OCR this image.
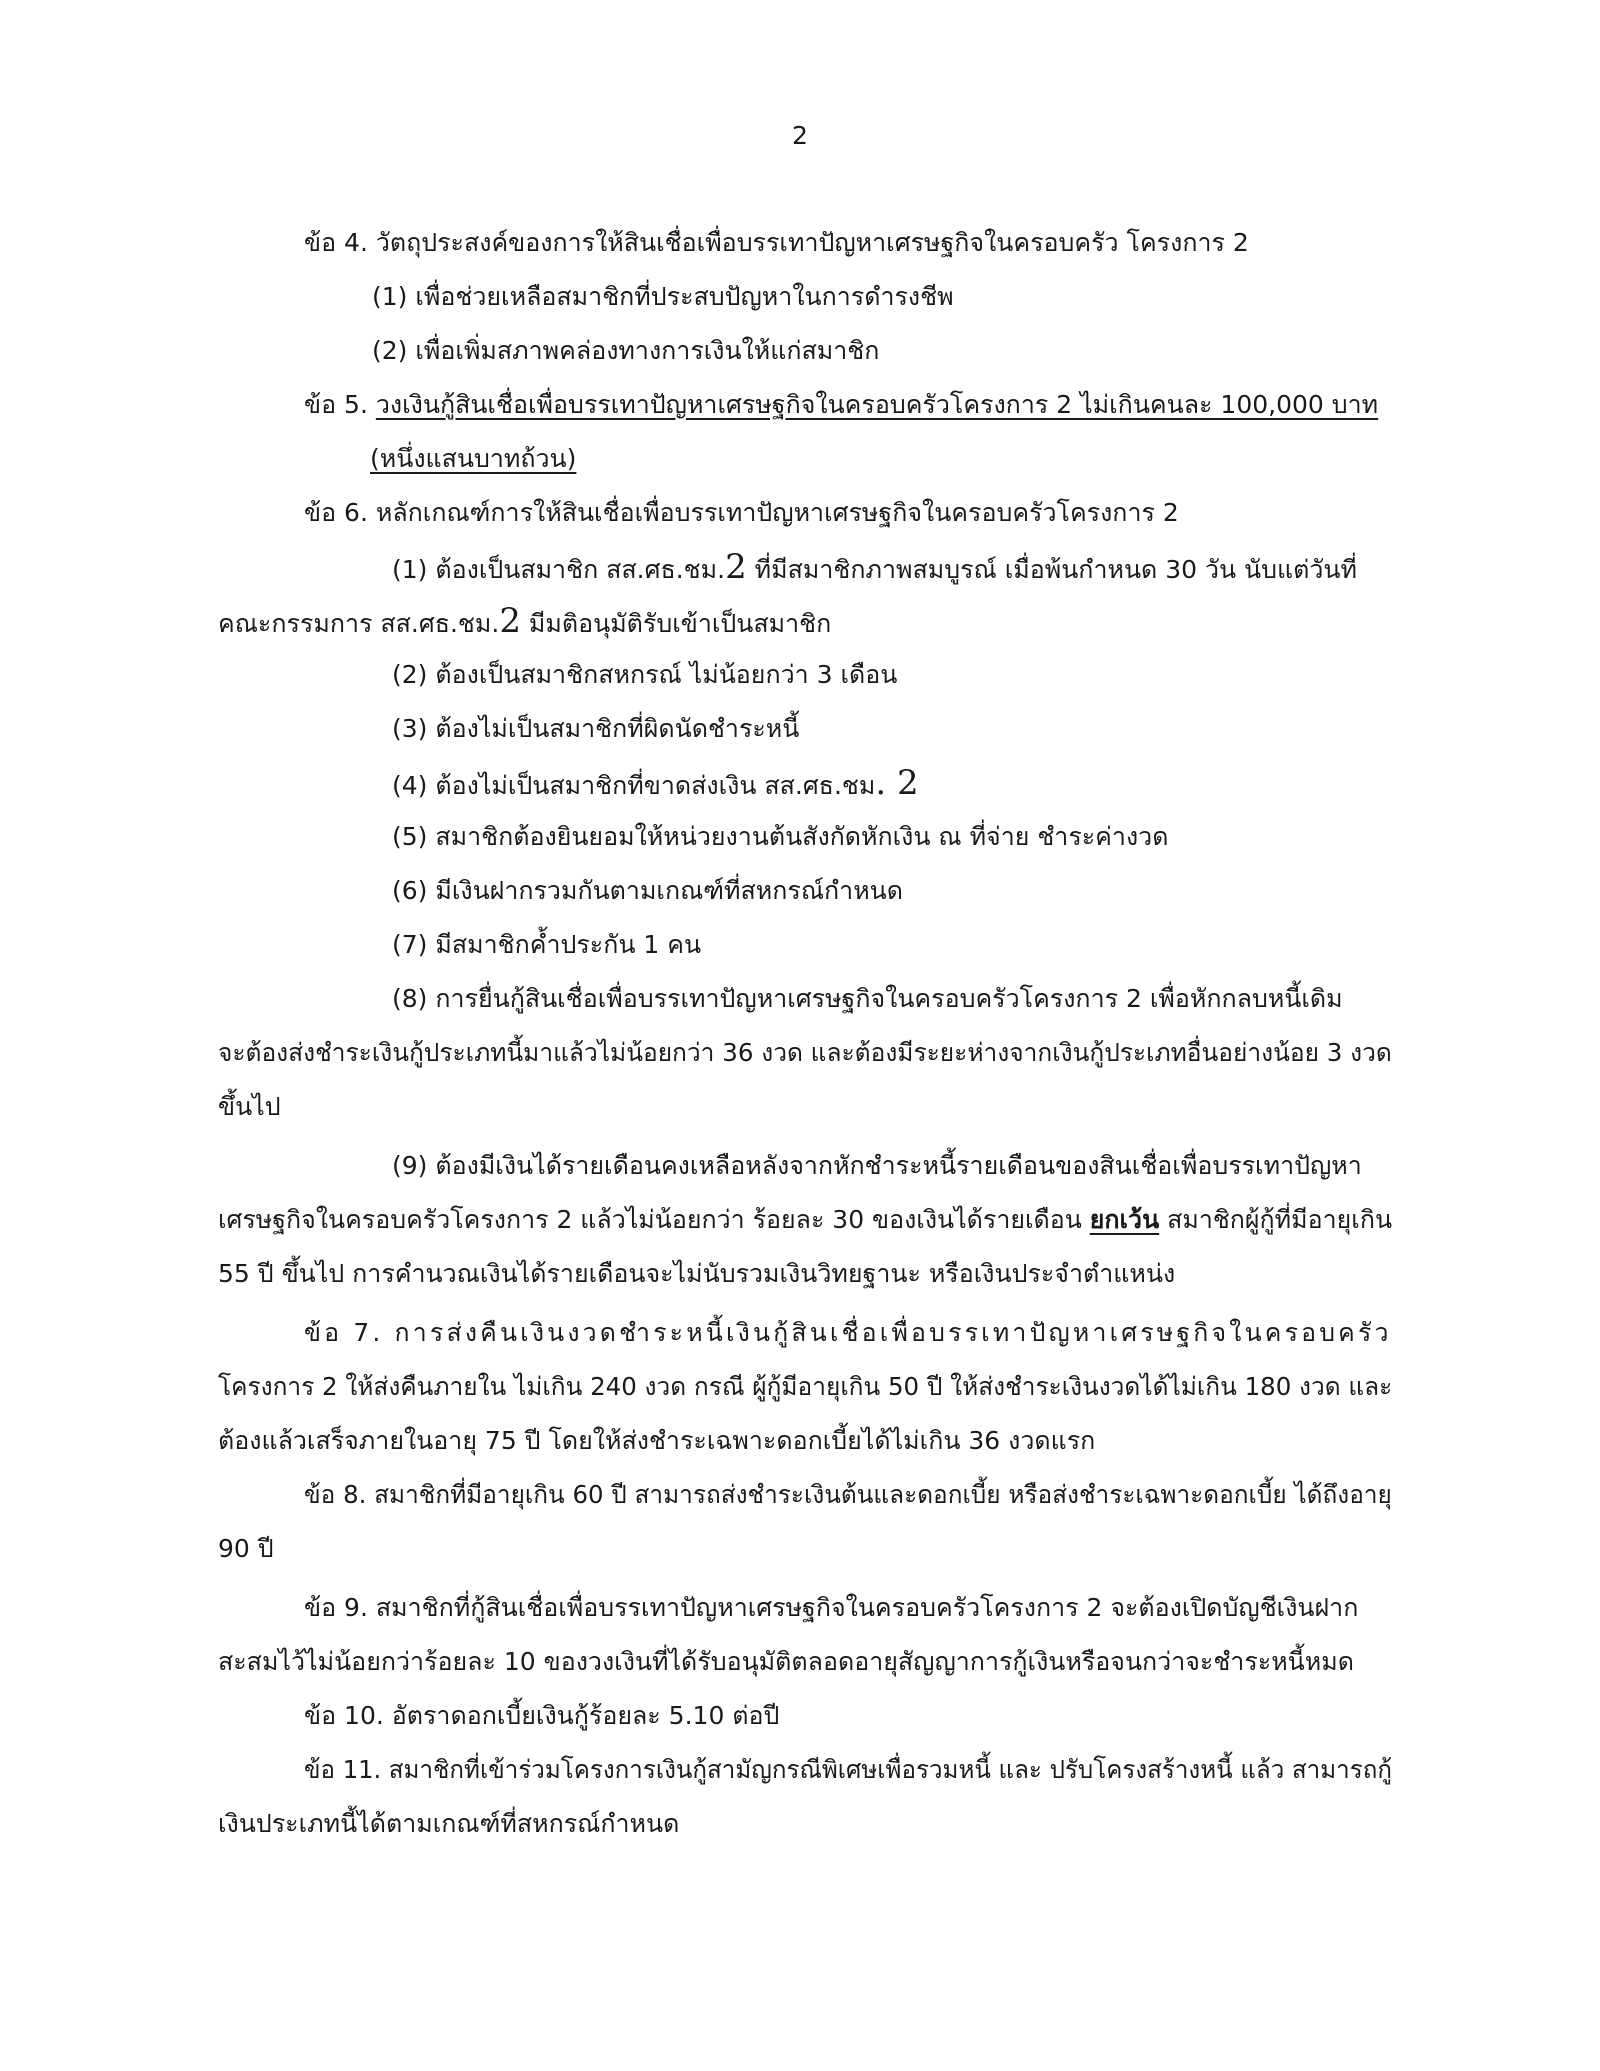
2
ข้อ 4. วัตถุประสงค์ของการให้สินเชื่อเพื่อบรรเทาปัญหาเศรษฐกิจในครอบครัว โครงการ 2
(1) เพื่อช่วยเหลือสมาชิกที่ประสบปัญหาในการดำรงชีพ
(2) เพื่อเพิ่มสภาพคล่องทางการเงินให้แก่สมาชิก
ข้อ 5. วงเงินกู้สินเชื่อเพื่อบรรเทาปัญหาเศรษฐกิจในครอบครัวโครงการ 2 ไม่เกินคนละ 100,000 บาท
(หนึ่งแสนบาทถ้วน)
ข้อ 6. หลักเกณฑ์การให้สินเชื่อเพื่อบรรเทาปัญหาเศรษฐกิจในครอบครัวโครงการ 2
(1) ต้องเป็นสมาชิก สส.ศธ.ชม.2 ที่มีสมาชิกภาพสมบูรณ์ เมื่อพ้นกำหนด 30 วัน นับแต่วันที่
คณะกรรมการ สส.ศธ.ชม.2 มีมติอนุมัติรับเข้าเป็นสมาชิก
(2) ต้องเป็นสมาชิกสหกรณ์ ไม่น้อยกว่า 3 เดือน
(3) ต้องไม่เป็นสมาชิกที่ผิดนัดชำระหนี้
(4) ต้องไม่เป็นสมาชิกที่ขาดส่งเงิน สส.ศธ.ชม. 2
(5) สมาชิกต้องยินยอมให้หน่วยงานต้นสังกัดหักเงิน ณ ที่จ่าย ชำระค่างวด
(6) มีเงินฝากรวมกันตามเกณฑ์ที่สหกรณ์กำหนด
(7) มีสมาชิกค้ำประกัน 1 คน
(8) การยื่นกู้สินเชื่อเพื่อบรรเทาปัญหาเศรษฐกิจในครอบครัวโครงการ 2 เพื่อหักกลบหนี้เดิม
จะต้องส่งชำระเงินกู้ประเภทนี้มาแล้วไม่น้อยกว่า 36 งวด และต้องมีระยะห่างจากเงินกู้ประเภทอื่นอย่างน้อย 3 งวด
ขึ้นไป
(9) ต้องมีเงินได้รายเดือนคงเหลือหลังจากหักชำระหนี้รายเดือนของสินเชื่อเพื่อบรรเทาปัญหา
เศรษฐกิจในครอบครัวโครงการ 2 แล้วไม่น้อยกว่า ร้อยละ 30 ของเงินได้รายเดือน ยกเว้น สมาชิกผู้กู้ที่มีอายุเกิน
55 ปี ขึ้นไป การคำนวณเงินได้รายเดือนจะไม่นับรวมเงินวิทยฐานะ หรือเงินประจำตำแหน่ง
ข้อ 7. การส่งคืนเงินงวดชำระหนี้เงินกู้สินเชื่อเพื่อบรรเทาปัญหาเศรษฐกิจในครอบครัว
โครงการ 2 ให้ส่งคืนภายใน ไม่เกิน 240 งวด กรณี ผู้กู้มีอายุเกิน 50 ปี ให้ส่งชำระเงินงวดได้ไม่เกิน 180 งวด และ
ต้องแล้วเสร็จภายในอายุ 75 ปี โดยให้ส่งชำระเฉพาะดอกเบี้ยได้ไม่เกิน 36 งวดแรก
ข้อ 8. สมาชิกที่มีอายุเกิน 60 ปี สามารถส่งชำระเงินต้นและดอกเบี้ย หรือส่งชำระเฉพาะดอกเบี้ย ได้ถึงอายุ
90 ปี
ข้อ 9. สมาชิกที่กู้สินเชื่อเพื่อบรรเทาปัญหาเศรษฐกิจในครอบครัวโครงการ 2 จะต้องเปิดบัญชีเงินฝาก
สะสมไว้ไม่น้อยกว่าร้อยละ 10 ของวงเงินที่ได้รับอนุมัติตลอดอายุสัญญาการกู้เงินหรือจนกว่าจะชำระหนี้หมด
ข้อ 10. อัตราดอกเบี้ยเงินกู้ร้อยละ 5.10 ต่อปี
ข้อ 11. สมาชิกที่เข้าร่วมโครงการเงินกู้สามัญกรณีพิเศษเพื่อรวมหนี้ และ ปรับโครงสร้างหนี้ แล้ว สามารถกู้
เงินประเภทนี้ได้ตามเกณฑ์ที่สหกรณ์กำหนด
